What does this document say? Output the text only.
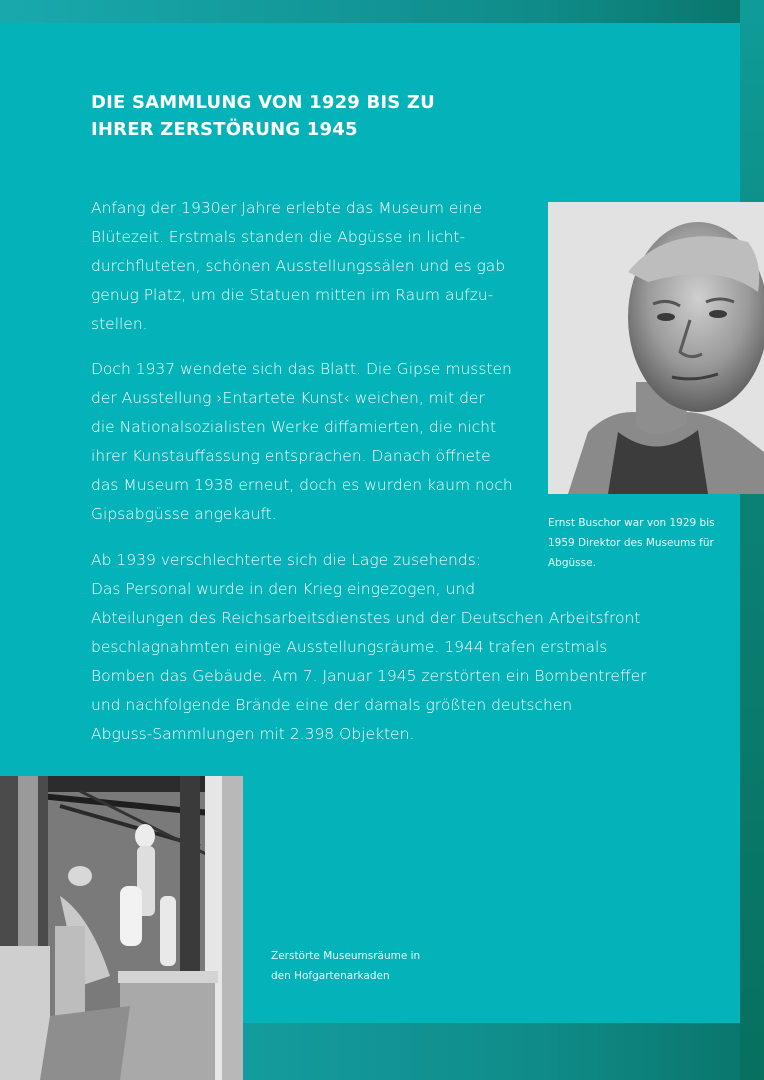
DIE SAMMLUNG VON 1929 BIS ZU
IHRER ZERSTÖRUNG 1945

Anfang der 1930er Jahre erlebte das Museum eine
Blütezeit. Erstmals standen die Abgüsse in licht-
durchfluteten, schönen Ausstellungssälen und es gab
genug Platz, um die Statuen mitten im Raum aufzu-
stellen.

Doch 1937 wendete sich das Blatt. Die Gipse mussten
der Ausstellung ›Entartete Kunst‹ weichen, mit der
die Nationalsozialisten Werke diffamierten, die nicht
ihrer Kunstauffassung entsprachen. Danach öffnete
das Museum 1938 erneut, doch es wurden kaum noch
Gipsabgüsse angekauft.

Ab 1939 verschlechterte sich die Lage zusehends:
Das Personal wurde in den Krieg eingezogen, und
Abteilungen des Reichsarbeitsdienstes und der Deutschen Arbeitsfront
beschlagnahmten einige Ausstellungsräume. 1944 trafen erstmals
Bomben das Gebäude. Am 7. Januar 1945 zerstörten ein Bombentreffer
und nachfolgende Brände eine der damals größten deutschen
Abguss-Sammlungen mit 2.398 Objekten.

Ernst Buschor war von 1929 bis
1959 Direktor des Museums für
Abgüsse.

Zerstörte Museumsräume in
den Hofgartenarkaden
